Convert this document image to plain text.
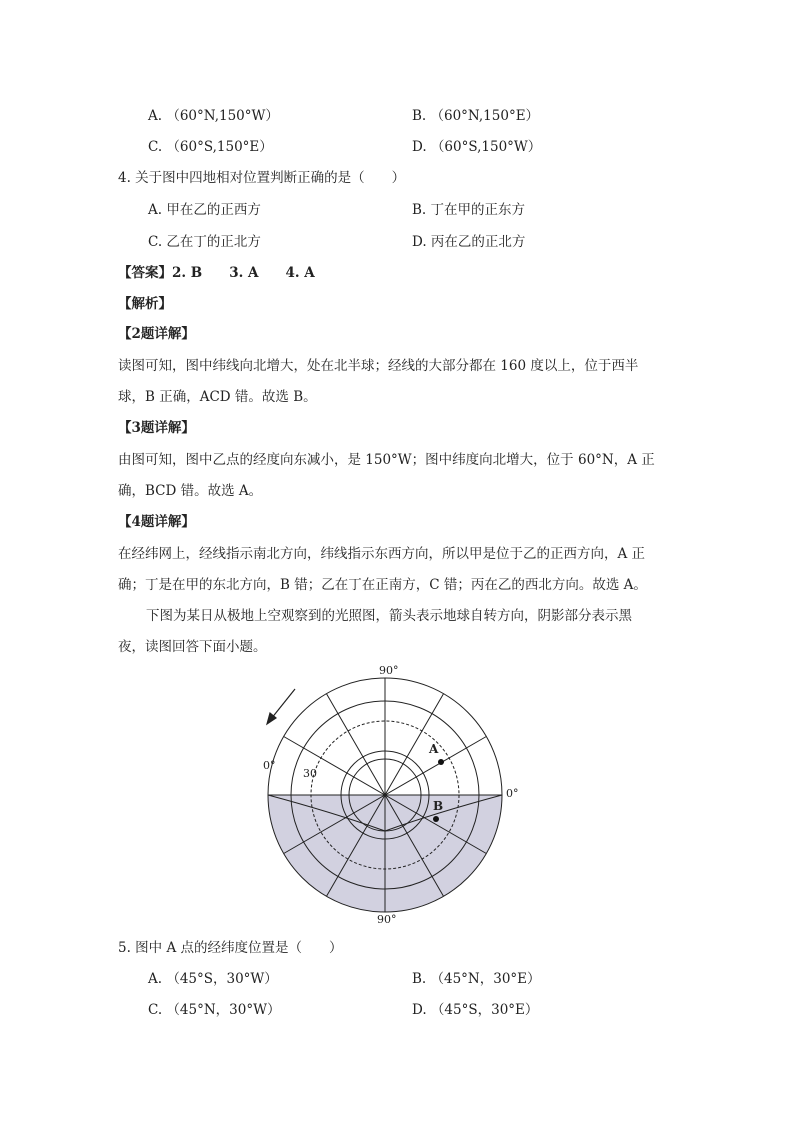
A. （60°N,150°W）	B. （60°N,150°E）
C. （60°S,150°E）	D. （60°S,150°W）
4. 关于图中四地相对位置判断正确的是（　　）
A. 甲在乙的正西方	B. 丁在甲的正东方
C. 乙在丁的正北方	D. 丙在乙的正北方
【答案】2. B　　3. A　　4. A
【解析】
【2题详解】
读图可知，图中纬线向北增大，处在北半球；经线的大部分都在 160 度以上，位于西半
球，B 正确，ACD 错。故选 B。
【3题详解】
由图可知，图中乙点的经度向东减小，是 150°W；图中纬度向北增大，位于 60°N，A 正
确，BCD 错。故选 A。
【4题详解】
在经纬网上，经线指示南北方向，纬线指示东西方向，所以甲是位于乙的正西方向，A 正
确；丁是在甲的东北方向，B 错；乙在丁在正南方，C 错；丙在乙的西北方向。故选 A。
下图为某日从极地上空观察到的光照图，箭头表示地球自转方向，阴影部分表示黑
夜，读图回答下面小题。
90°
90°
0°
0°
30
A
B
5. 图中 A 点的经纬度位置是（　　）
A. （45°S，30°W）	B. （45°N，30°E）
C. （45°N，30°W）	D. （45°S，30°E）
